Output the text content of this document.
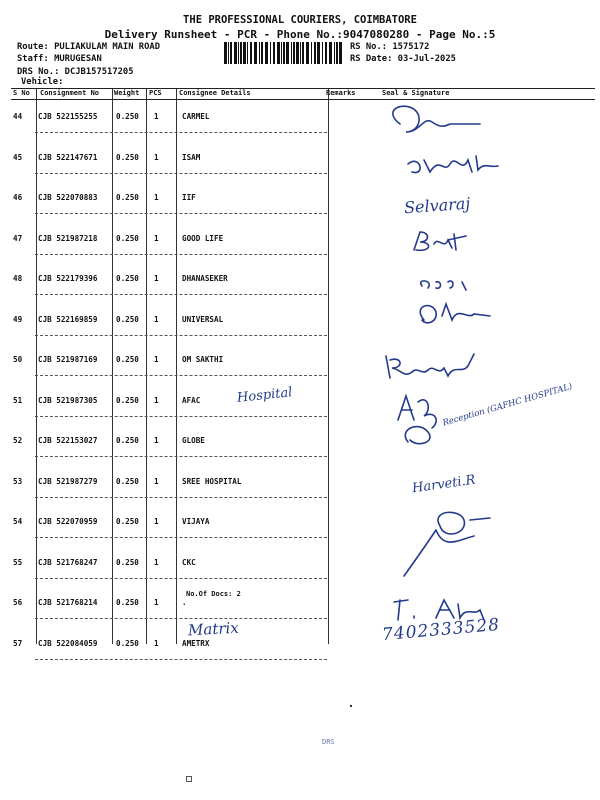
THE PROFESSIONAL COURIERS, COIMBATORE
Delivery Runsheet - PCR - Phone No.:9047080280 - Page No.:5
Route: PULIAKULAM MAIN ROAD
Staff: MURUGESAN
DRS No.: DCJB157517205
Vehicle:
RS No.: 1575172
RS Date: 03-Jul-2025
S No Consignment No Weight PCS Consignee Details	Remarks	Seal & Signature
44 CJB 522155255 0.250 1	CARMEL
45 CJB 522147671 0.250 1	ISAM
46 CJB 522070883 0.250 1	IIF
47 CJB 521987218 0.250 1	GOOD LIFE
48 CJB 522179396 0.250 1	DHANASEKER
49 CJB 522169859 0.250 1	UNIVERSAL
50 CJB 521987169 0.250 1	OM SAKTHI
51 CJB 521987305 0.250 1	AFAC
52 CJB 522153027 0.250 1	GLOBE
53 CJB 521987279 0.250 1	SREE HOSPITAL
54 CJB 522070959 0.250 1	VIJAYA
55 CJB 521768247 0.250 1	CKC
56 CJB 521768214 0.250 1	.
57 CJB 522084059 0.250 1	AMETRX
No.Of Docs: 2
Hospital
Selvaraj
Harveti.R
Matrix
Reception (GAFHC HOSPITAL)
7402333528
DRS
